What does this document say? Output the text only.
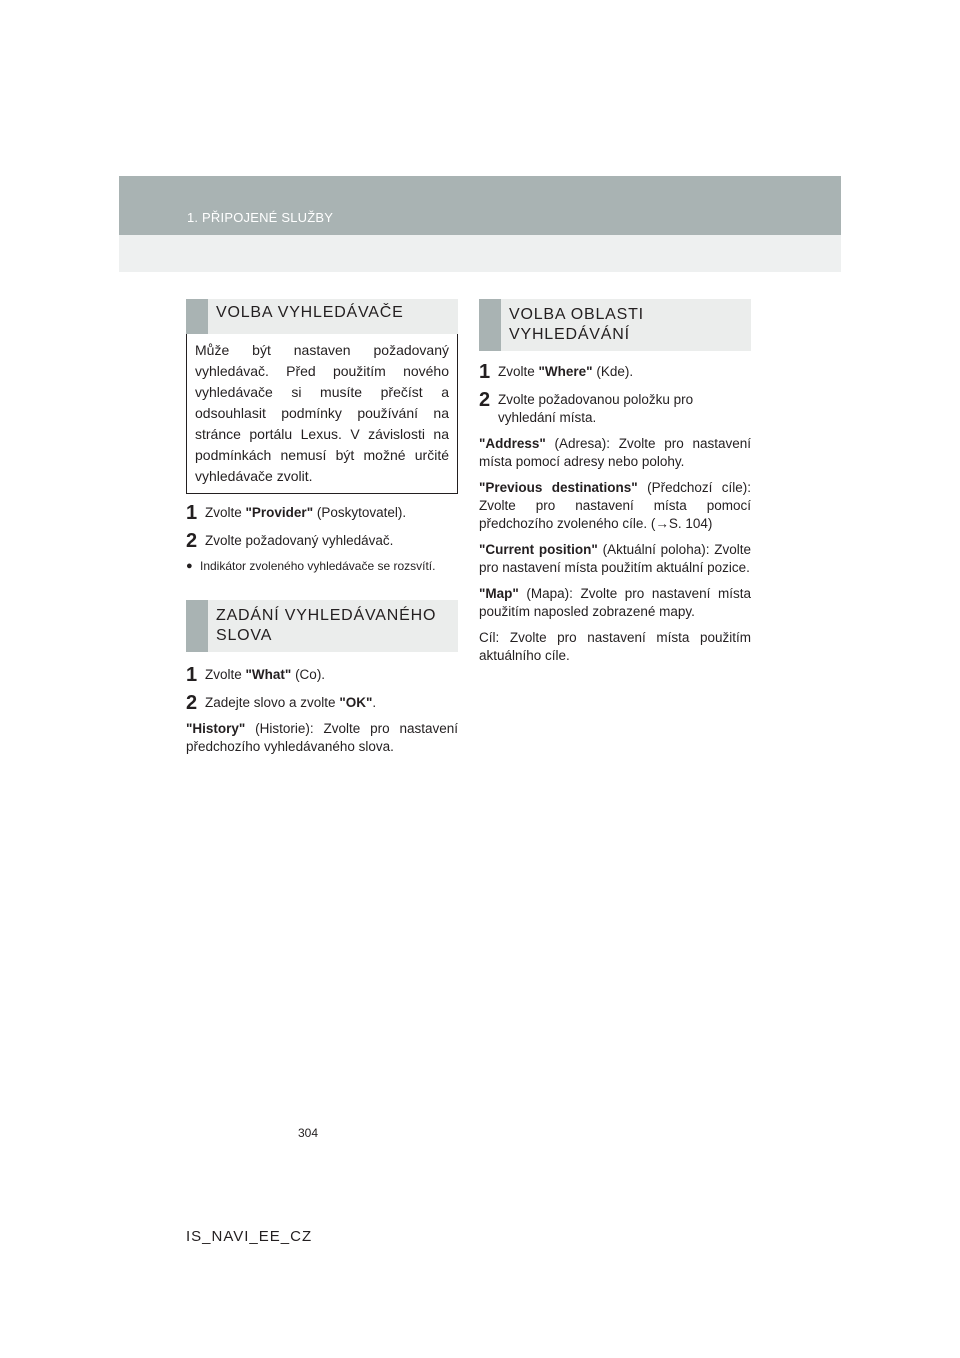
1. PŘIPOJENÉ SLUŽBY
VOLBA VYHLEDÁVAČE
Může být nastaven požadovaný vyhledávač. Před použitím nového vyhledávače si musíte přečíst a odsouhlasit podmínky používání na stránce portálu Lexus. V závislosti na podmínkách nemusí být možné určité vyhledávače zvolit.
1 Zvolte "Provider" (Poskytovatel).
2 Zvolte požadovaný vyhledávač.
● Indikátor zvoleného vyhledávače se rozsvítí.
ZADÁNÍ VYHLEDÁVANÉHO
SLOVA
1 Zvolte "What" (Co).
2 Zadejte slovo a zvolte "OK".
"History" (Historie): Zvolte pro nastavení předchozího vyhledávaného slova.
VOLBA OBLASTI
VYHLEDÁVÁNÍ
1 Zvolte "Where" (Kde).
2 Zvolte požadovanou položku pro vyhledání místa.
"Address" (Adresa): Zvolte pro nastavení místa pomocí adresy nebo polohy.
"Previous destinations" (Předchozí cíle): Zvolte pro nastavení místa pomocí předchozího zvoleného cíle. (→S. 104)
"Current position" (Aktuální poloha): Zvolte pro nastavení místa použitím aktuální pozice.
"Map" (Mapa): Zvolte pro nastavení místa použitím naposled zobrazené mapy.
Cíl: Zvolte pro nastavení místa použitím aktuálního cíle.
304
IS_NAVI_EE_CZ
